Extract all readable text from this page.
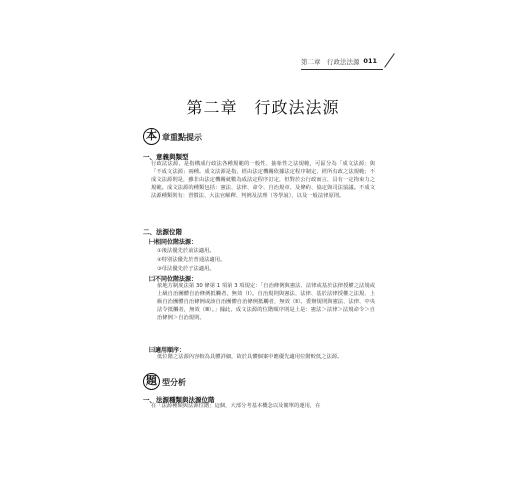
第二章　行政法法源 011
第二章　行政法法源
本 章重點提示
一、意義與類型
行政法法源，是指構成行政法各種規範的一般性、抽象性之法規範，可區分為「成文法源」與「不成文法源」兩種。成文法源是指，經由法定機關依據法定程序制定，經所有政之法規範；不成文法源則是，雖非由法定機關就數為成法定程序訂定，但對於公行政而言，具有一定拘束力之規範。成文法源的種類包括：憲法、法律、命令、自治規章、及條約、協定與司法協議。不成文法源種類則有：習慣法、大法官解釋、判例及法理（等學說），以及一般法律原則。
二、法源位階
㈠相同位階法源：
①後法優先於前法適用。
②特別法優先於普通法適用。
③母法優先於子法適用。
㈡不同位階法源：
依地方制度法第 30 條第 1 項第 3 項規定：「自治條例與憲法、法律或基於法律授權之法規或上級自治團體自治條例抵觸者，無效（Ⅰ）。自治規則與憲法、法律、基於法律授權之法規、上級自治團體自治條例或該自治團體自治條例抵觸者，無效（Ⅱ）。委辦規則與憲法、法律、中央法令抵觸者，無效（Ⅲ）。」據此，成文法源的位階順序則是上是：憲法＞法律＞法規命令＞自治條例＞自治規則。
㈢適用順序：
低位階之法源內容較為具體詳細，故於具體個案中應優先適用位階較低之法源。
題 型分析
一、法源種類與法源位階
在「法源種類與法源位階」這個，大部分考基本概念以及簡單的運用，在
